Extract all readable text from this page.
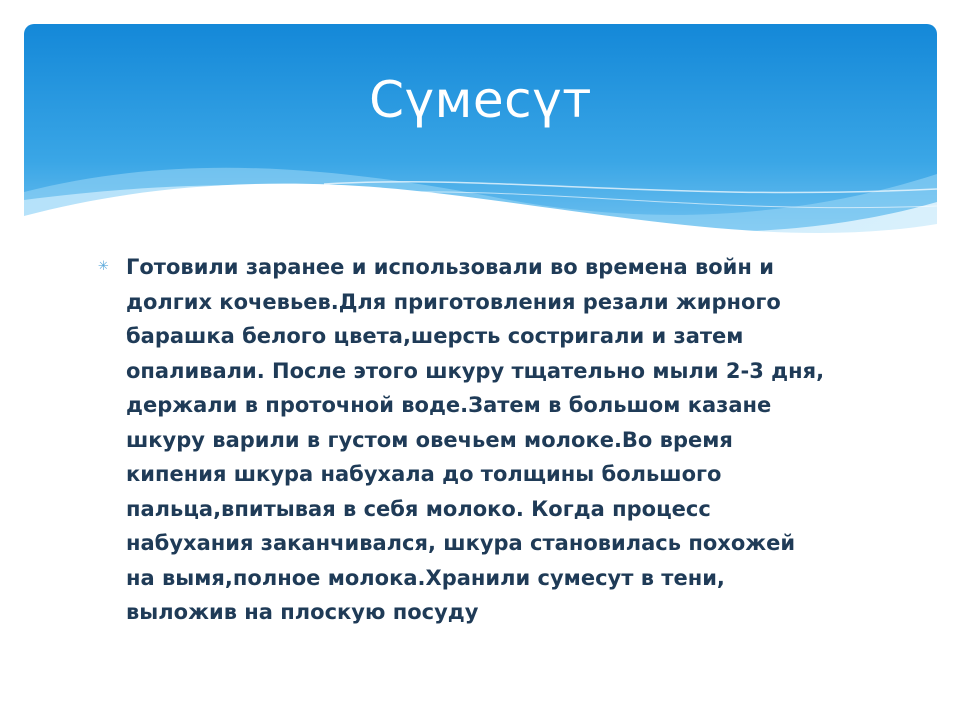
Сүмесүт
✳ Готовили заранее и использовали во времена войн и
долгих кочевьев.Для приготовления резали жирного
барашка белого цвета,шерсть состригали и затем
опаливали. После этого шкуру тщательно мыли 2-3 дня,
держали в проточной воде.Затем в большом казане
шкуру варили в густом овечьем молоке.Во время
кипения шкура набухала до толщины большого
пальца,впитывая в себя молоко. Когда процесс
набухания заканчивался, шкура становилась похожей
на вымя,полное молока.Хранили сумесут в тени,
выложив на плоскую посуду
